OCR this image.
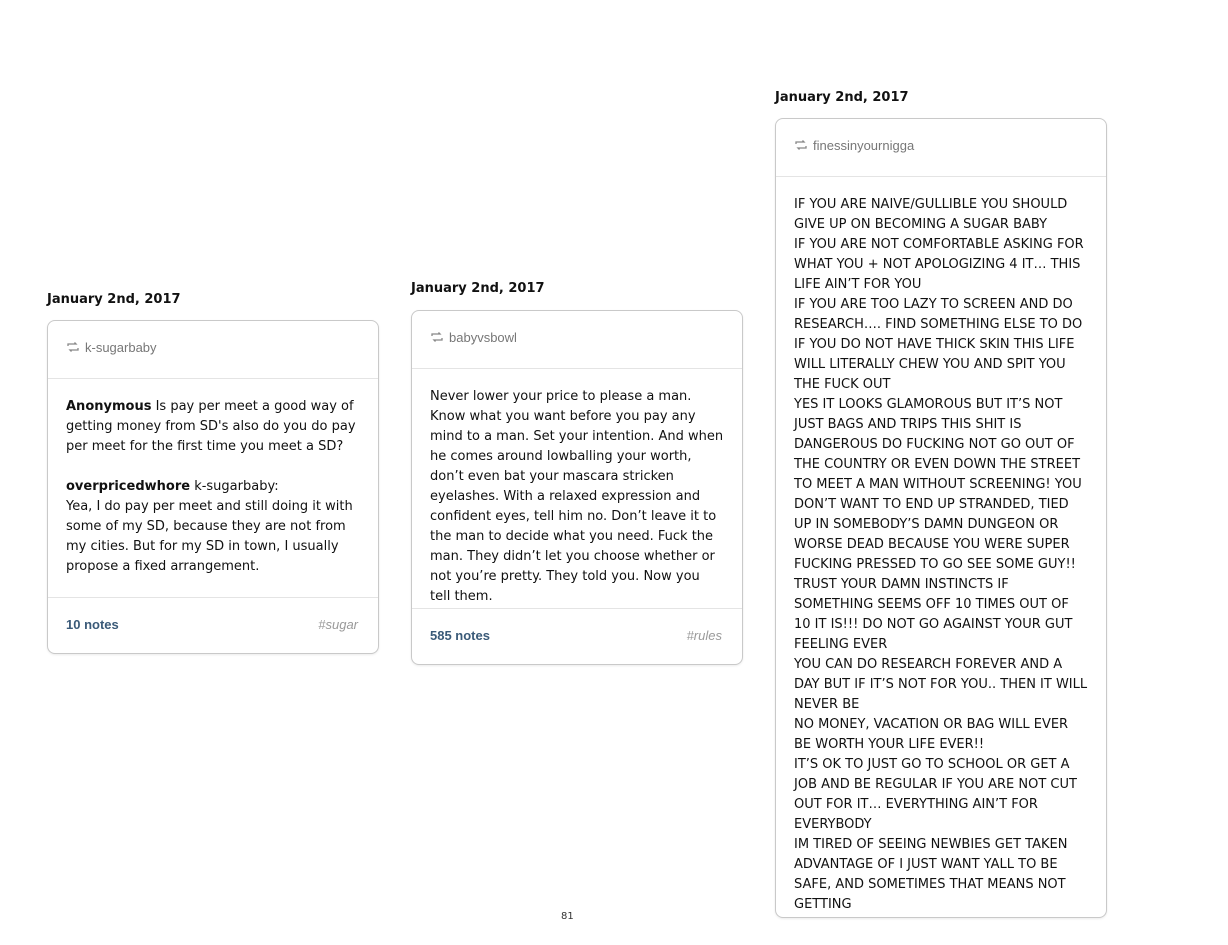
January 2nd, 2017
k-sugarbaby

Anonymous Is pay per meet a good way of getting money from SD's also do you do pay per meet for the first time you meet a SD?

overpricedwhore k-sugarbaby:

Yea, I do pay per meet and still doing it with some of my SD, because they are not from my cities. But for my SD in town, I usually propose a fixed arrangement.

10 notes	#sugar
January 2nd, 2017
babyvsbowl

Never lower your price to please a man. Know what you want before you pay any mind to a man. Set your intention. And when he comes around lowballing your worth, don’t even bat your mascara stricken eyelashes. With a relaxed expression and confident eyes, tell him no. Don’t leave it to the man to decide what you need. Fuck the man. They didn’t let you choose whether or not you’re pretty. They told you. Now you tell them.

585 notes	#rules
January 2nd, 2017
finessinyournigga

IF YOU ARE NAIVE/GULLIBLE YOU SHOULD GIVE UP ON BECOMING A SUGAR BABY

IF YOU ARE NOT COMFORTABLE ASKING FOR WHAT YOU + NOT APOLOGIZING 4 IT… THIS LIFE AIN’T FOR YOU

IF YOU ARE TOO LAZY TO SCREEN AND DO RESEARCH…. FIND SOMETHING ELSE TO DO

IF YOU DO NOT HAVE THICK SKIN THIS LIFE WILL LITERALLY CHEW YOU AND SPIT YOU THE FUCK OUT

YES IT LOOKS GLAMOROUS BUT IT’S NOT JUST BAGS AND TRIPS THIS SHIT IS DANGEROUS DO FUCKING NOT GO OUT OF THE COUNTRY OR EVEN DOWN THE STREET TO MEET A MAN WITHOUT SCREENING! YOU DON’T WANT TO END UP STRANDED, TIED UP IN SOMEBODY’S DAMN DUNGEON OR WORSE DEAD BECAUSE YOU WERE SUPER FUCKING PRESSED TO GO SEE SOME GUY!! TRUST YOUR DAMN INSTINCTS IF SOMETHING SEEMS OFF 10 TIMES OUT OF 10 IT IS!!! DO NOT GO AGAINST YOUR GUT FEELING EVER

YOU CAN DO RESEARCH FOREVER AND A DAY BUT IF IT’S NOT FOR YOU.. THEN IT WILL NEVER BE

NO MONEY, VACATION OR BAG WILL EVER BE WORTH YOUR LIFE EVER!!

IT’S OK TO JUST GO TO SCHOOL OR GET A JOB AND BE REGULAR IF YOU ARE NOT CUT OUT FOR IT… EVERYTHING AIN’T FOR EVERYBODY

IM TIRED OF SEEING NEWBIES GET TAKEN ADVANTAGE OF I JUST WANT YALL TO BE SAFE, AND SOMETIMES THAT MEANS NOT GETTING

81
